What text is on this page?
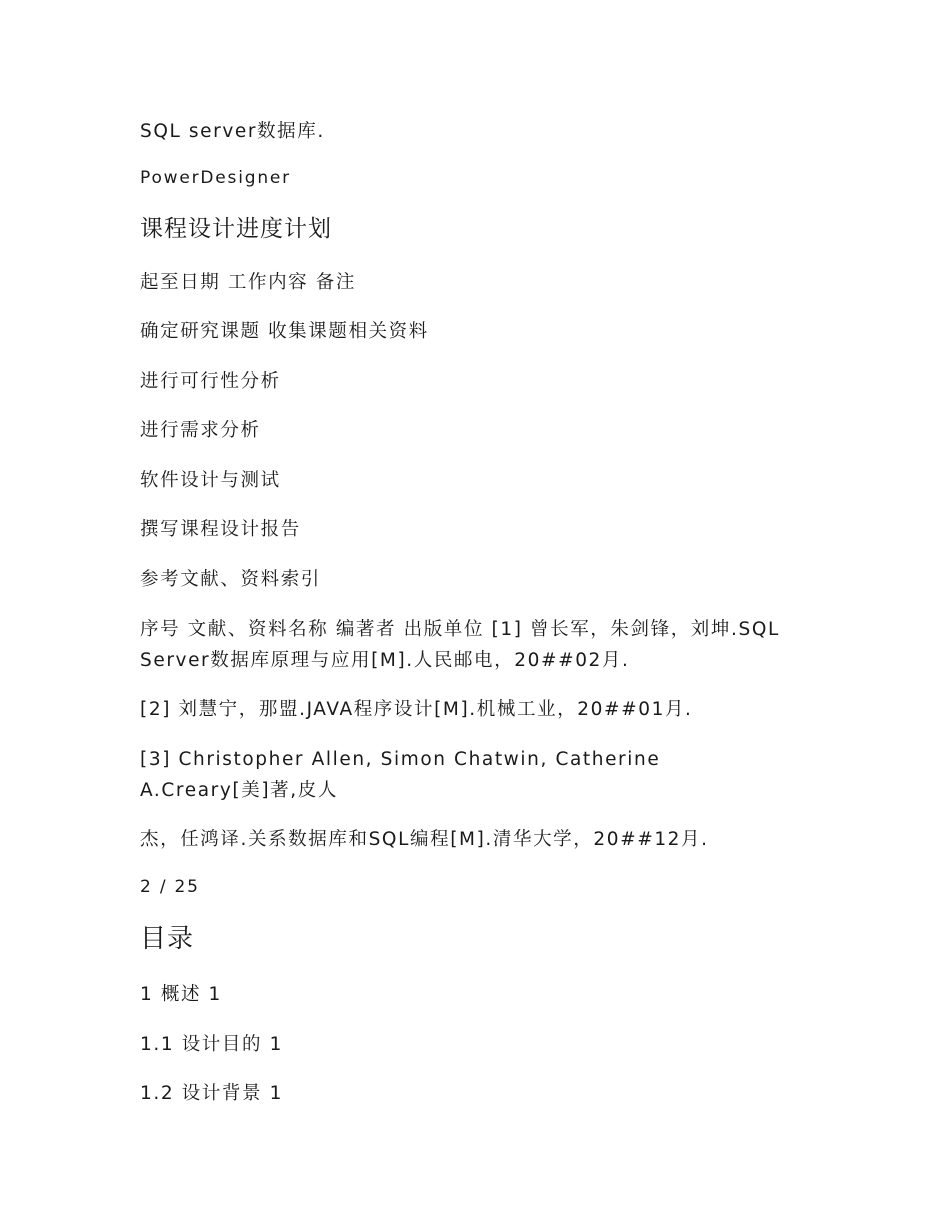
SQL server数据库.
PowerDesigner
课程设计进度计划
起至日期 工作内容 备注
确定研究课题 收集课题相关资料
进行可行性分析
进行需求分析
软件设计与测试
撰写课程设计报告
参考文献、资料索引
序号 文献、资料名称 编著者 出版单位 [1] 曾长军，朱剑锋，刘坤.SQL
Server数据库原理与应用[M].人民邮电，20##02月.
[2] 刘慧宁，那盟.JAVA程序设计[M].机械工业，20##01月.
[3] Christopher Allen, Simon Chatwin, Catherine
A.Creary[美]著,皮人
杰，任鸿译.关系数据库和SQL编程[M].清华大学，20##12月.
2 / 25
目录
1 概述 1
1.1 设计目的 1
1.2 设计背景 1
